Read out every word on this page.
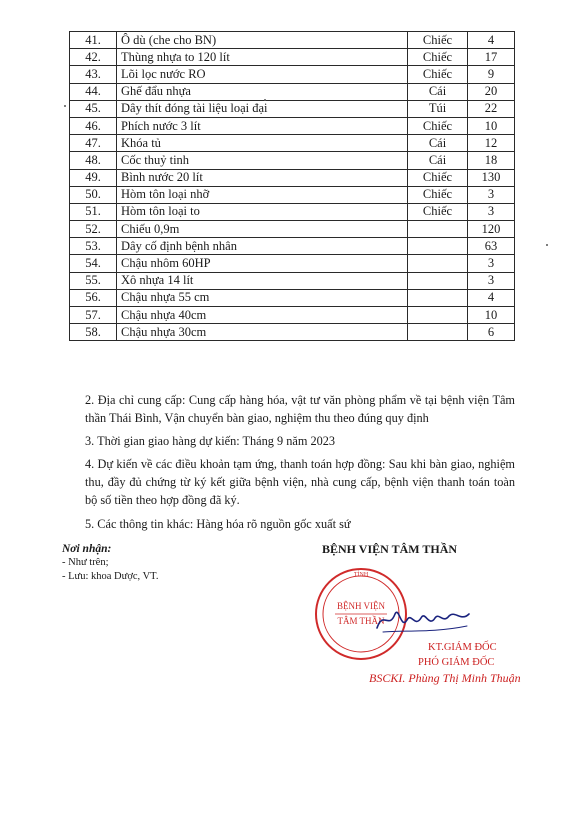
41.	Ô dù (che cho BN)	Chiếc	4
42.	Thùng nhựa to 120 lít	Chiếc	17
43.	Lõi lọc nước RO	Chiếc	9
44.	Ghế đẩu nhựa	Cái	20
45.	Dây thít đóng tài liệu loại đại	Túi	22
46.	Phích nước 3 lít	Chiếc	10
47.	Khóa tủ	Cái	12
48.	Cốc thuỷ tinh	Cái	18
49.	Bình nước 20 lít	Chiếc	130
50.	Hòm tôn loại nhỡ	Chiếc	3
51.	Hòm tôn loại to	Chiếc	3
52.	Chiếu 0,9m		120
53.	Dây cố định bệnh nhân		63
54.	Chậu nhôm 60HP		3
55.	Xô nhựa 14 lít		3
56.	Chậu nhựa 55 cm		4
57.	Chậu nhựa 40cm		10
58.	Chậu nhựa 30cm		6
2. Địa chỉ cung cấp: Cung cấp hàng hóa, vật tư văn phòng phẩm về tại bệnh viện Tâm thần Thái Bình, Vận chuyển bàn giao, nghiệm thu theo đúng quy định
3. Thời gian giao hàng dự kiến: Tháng 9 năm 2023
4. Dự kiến về các điều khoản tạm ứng, thanh toán hợp đồng: Sau khi bàn giao, nghiệm thu, đầy đủ chứng từ ký kết giữa bệnh viện, nhà cung cấp, bệnh viện thanh toán toàn bộ số tiền theo hợp đồng đã ký.
5. Các thông tin khác: Hàng hóa rõ nguồn gốc xuất sứ
Nơi nhận:
- Như trên;
- Lưu: khoa Dược, VT.
BỆNH VIỆN TÂM THẦN
BỆNH VIỆN
TÂM THẦN
TỈNH
KT.GIÁM ĐỐC
PHÓ GIÁM ĐỐC
BSCKI. Phùng Thị Minh Thuận
